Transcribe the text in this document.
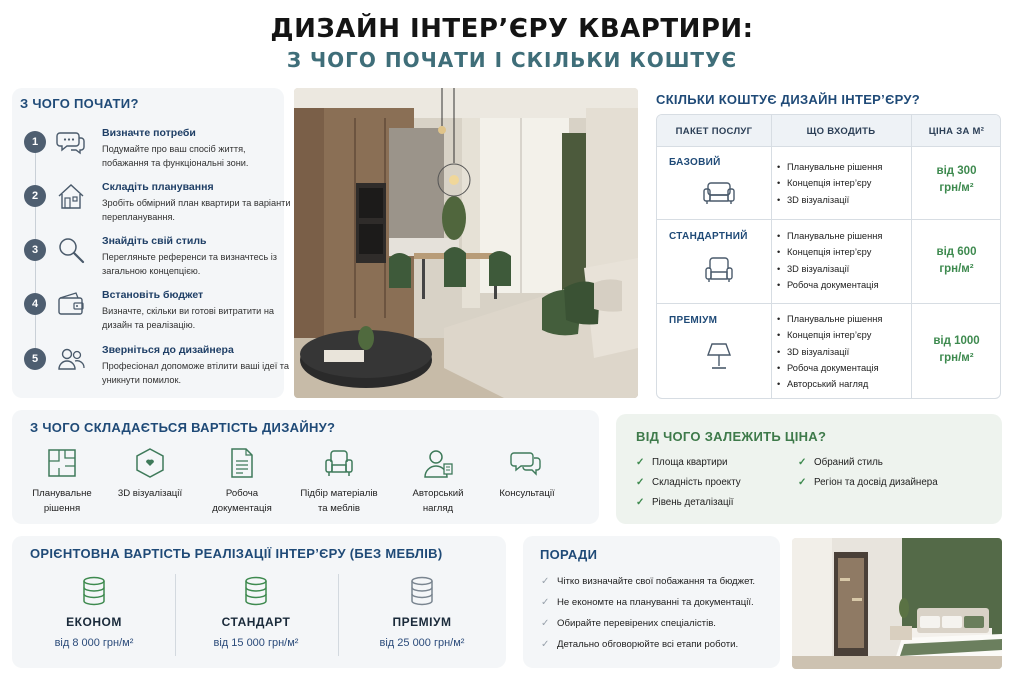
ДИЗАЙН ІНТЕР’ЄРУ КВАРТИРИ:
З ЧОГО ПОЧАТИ І СКІЛЬКИ КОШТУЄ
З ЧОГО ПОЧАТИ?
1
Визначте потреби
Подумайте про ваш спосіб життя, побажання та функціональні зони.
2
Складіть планування
Зробіть обмірний план квартири та варіанти перепланування.
3
Знайдіть свій стиль
Перегляньте референси та визначтесь із загальною концепцією.
4
Встановіть бюджет
Визначте, скільки ви готові витратити на дизайн та реалізацію.
5
Зверніться до дизайнера
Професіонал допоможе втілити ваші ідеї та уникнути помилок.
СКІЛЬКИ КОШТУЄ ДИЗАЙН ІНТЕР’ЄРУ?
ПАКЕТ ПОСЛУГ	ЩО ВХОДИТЬ	ЦІНА ЗА М²
БАЗОВИЙ	• Планувальне рішення
• Концепція інтер’єру
• 3D візуалізації
від 300
грн/м²
СТАНДАРТНИЙ	• Планувальне рішення
• Концепція інтер’єру
• 3D візуалізації
• Робоча документація
від 600
грн/м²
ПРЕМІУМ	• Планувальне рішення
• Концепція інтер’єру
• 3D візуалізації
• Робоча документація
• Авторський нагляд
від 1000
грн/м²
З ЧОГО СКЛАДАЄТЬСЯ ВАРТІСТЬ ДИЗАЙНУ?
Планувальне
рішення
3D візуалізації	Робоча
документація
Підбір матеріалів
та меблів
Авторський
нагляд
Консультації
ВІД ЧОГО ЗАЛЕЖИТЬ ЦІНА?
✓ Площа квартири
✓ Складність проекту
✓ Рівень деталізації
✓ Обраний стиль
✓ Регіон та досвід дизайнера
ОРІЄНТОВНА ВАРТІСТЬ РЕАЛІЗАЦІЇ ІНТЕР’ЄРУ (БЕЗ МЕБЛІВ)
ЕКОНОМ
від 8 000 грн/м²
СТАНДАРТ
від 15 000 грн/м²
ПРЕМІУМ
від 25 000 грн/м²
ПОРАДИ
✓ Чітко визначайте свої побажання та бюджет.
✓ Не економте на плануванні та документації.
✓ Обирайте перевірених спеціалістів.
✓ Детально обговорюйте всі етапи роботи.
